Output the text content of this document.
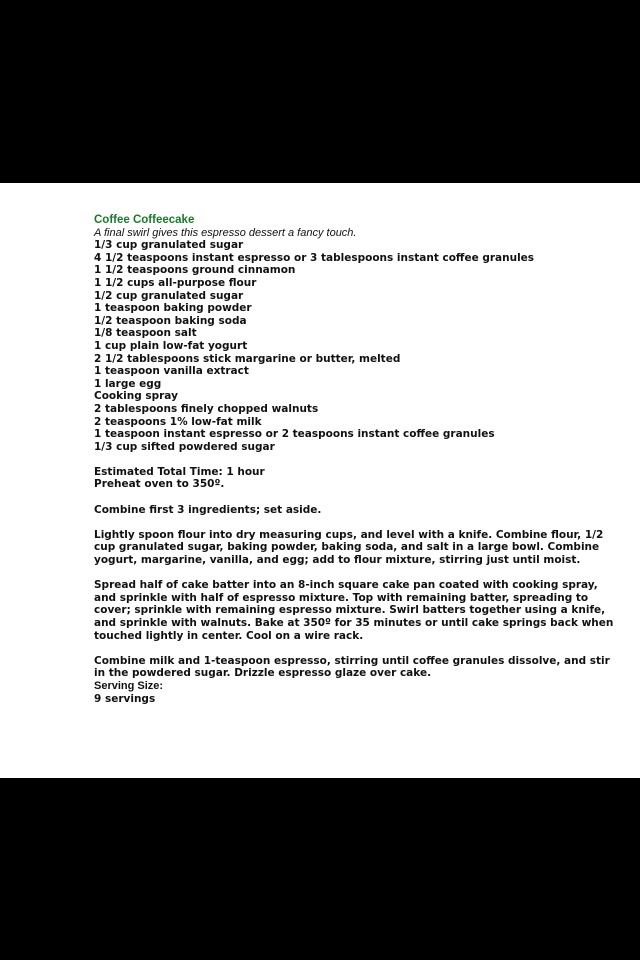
Coffee Coffeecake
A final swirl gives this espresso dessert a fancy touch.
1/3 cup granulated sugar
4 1/2 teaspoons instant espresso or 3 tablespoons instant coffee granules
1 1/2 teaspoons ground cinnamon
1 1/2 cups all-purpose flour
1/2 cup granulated sugar
1 teaspoon baking powder
1/2 teaspoon baking soda
1/8 teaspoon salt
1 cup plain low-fat yogurt
2 1/2 tablespoons stick margarine or butter, melted
1 teaspoon vanilla extract
1 large egg
Cooking spray
2 tablespoons finely chopped walnuts
2 teaspoons 1% low-fat milk
1 teaspoon instant espresso or 2 teaspoons instant coffee granules
1/3 cup sifted powdered sugar
Estimated Total Time: 1 hour
Preheat oven to 350º.
Combine first 3 ingredients; set aside.
Lightly spoon flour into dry measuring cups, and level with a knife. Combine flour, 1/2 cup granulated sugar, baking powder, baking soda, and salt in a large bowl. Combine yogurt, margarine, vanilla, and egg; add to flour mixture, stirring just until moist.
Spread half of cake batter into an 8-inch square cake pan coated with cooking spray, and sprinkle with half of espresso mixture. Top with remaining batter, spreading to cover; sprinkle with remaining espresso mixture. Swirl batters together using a knife, and sprinkle with walnuts. Bake at 350º for 35 minutes or until cake springs back when touched lightly in center. Cool on a wire rack.
Combine milk and 1-teaspoon espresso, stirring until coffee granules dissolve, and stir in the powdered sugar. Drizzle espresso glaze over cake.
Serving Size:
9 servings
